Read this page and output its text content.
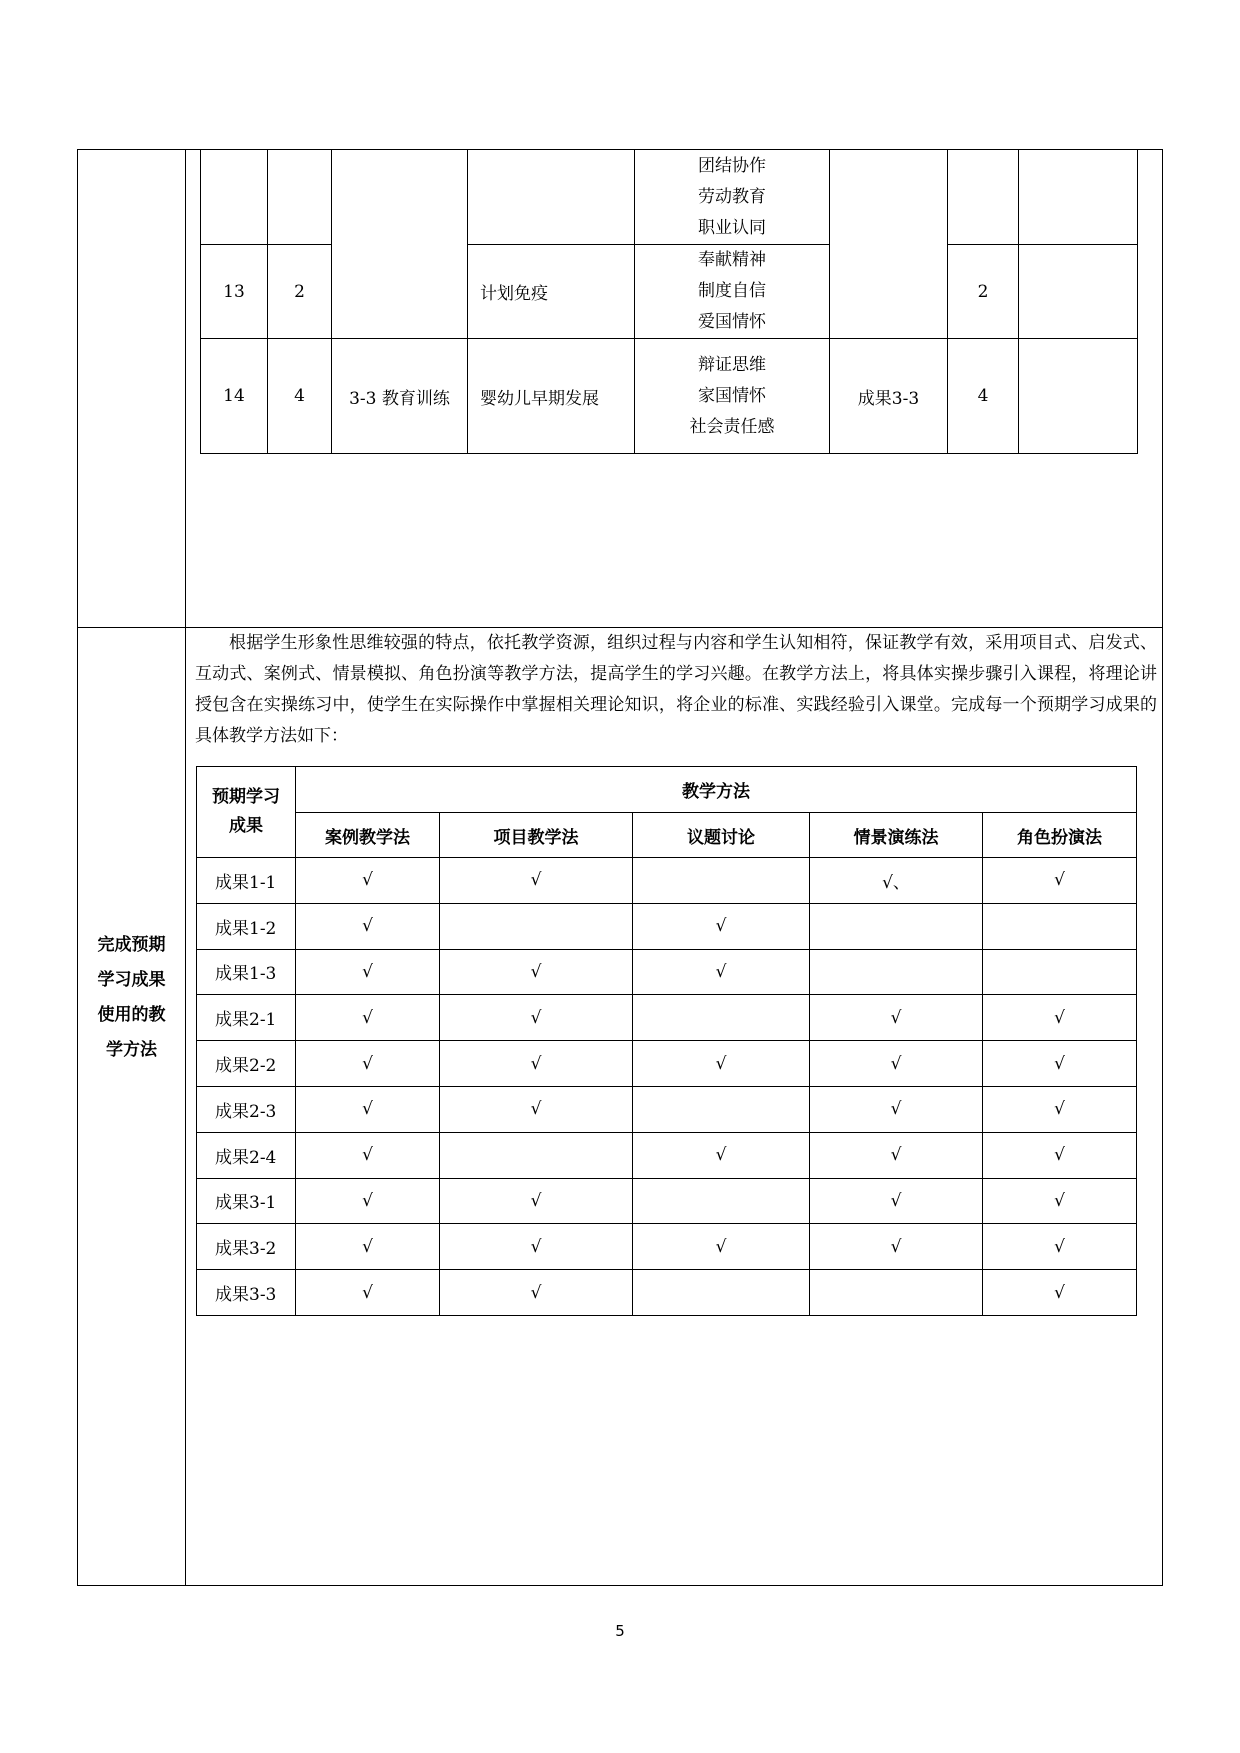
				团结协作
劳动教育
职业认同			

13	2		计划免疫	奉献精神
制度自信
爱国情怀		2	
14	4	3-3 教育训练	婴幼儿早期发展	辩证思维
家国情怀
社会责任感	成果3-3	4	
完成预期
学习成果
使用的教
学方法
根据学生形象性思维较强的特点，依托教学资源，组织过程与内容和学生认知相符，保证教学有效，采用项目式、启发式、互动式、案例式、情景模拟、角色扮演等教学方法，提高学生的学习兴趣。在教学方法上，将具体实操步骤引入课程，将理论讲授包含在实操练习中，使学生在实际操作中掌握相关理论知识，将企业的标准、实践经验引入课堂。完成每一个预期学习成果的具体教学方法如下：
预期学习
成果	教学方法				
	案例教学法	项目教学法	议题讨论	情景演练法	角色扮演法
成果1-1	√	√		√、	√
成果1-2	√		√		
成果1-3	√	√	√		
成果2-1	√	√		√	√
成果2-2	√	√	√	√	√
成果2-3	√	√		√	√
成果2-4	√		√	√	√
成果3-1	√	√		√	√
成果3-2	√	√	√	√	√
成果3-3	√	√			√
5
